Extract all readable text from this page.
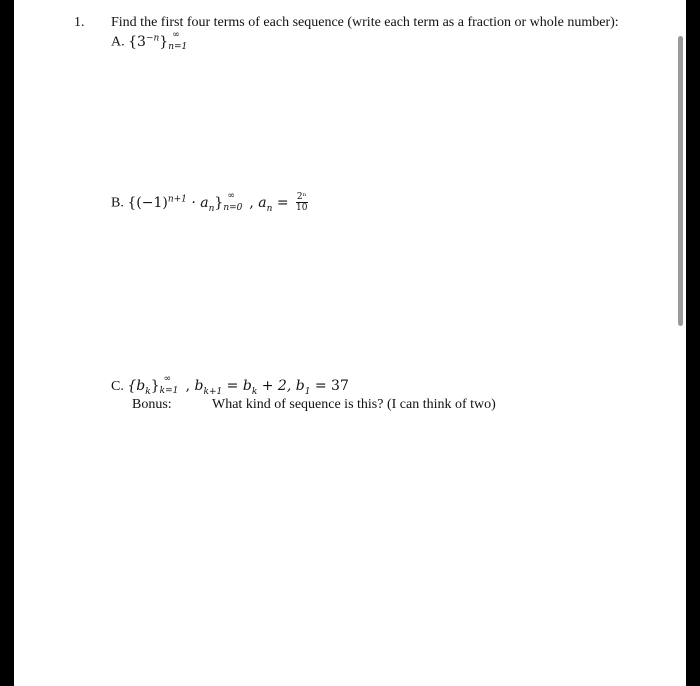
1. Find the first four terms of each sequence (write each term as a fraction or whole number):
A. $\{3^{-n}\}$ ∞
n=1
B. $\{(-1)^{n+1} \cdot a_n\}$ ∞
n=0 , $a_n = \frac{\text{2ⁿ}}{10}$
C. $\{b_k\}$ ∞
k=1 , $b_{k+1} = b_k + 2$, $b_1 = 37$
Bonus:	What kind of sequence is this? (I can think of two)
